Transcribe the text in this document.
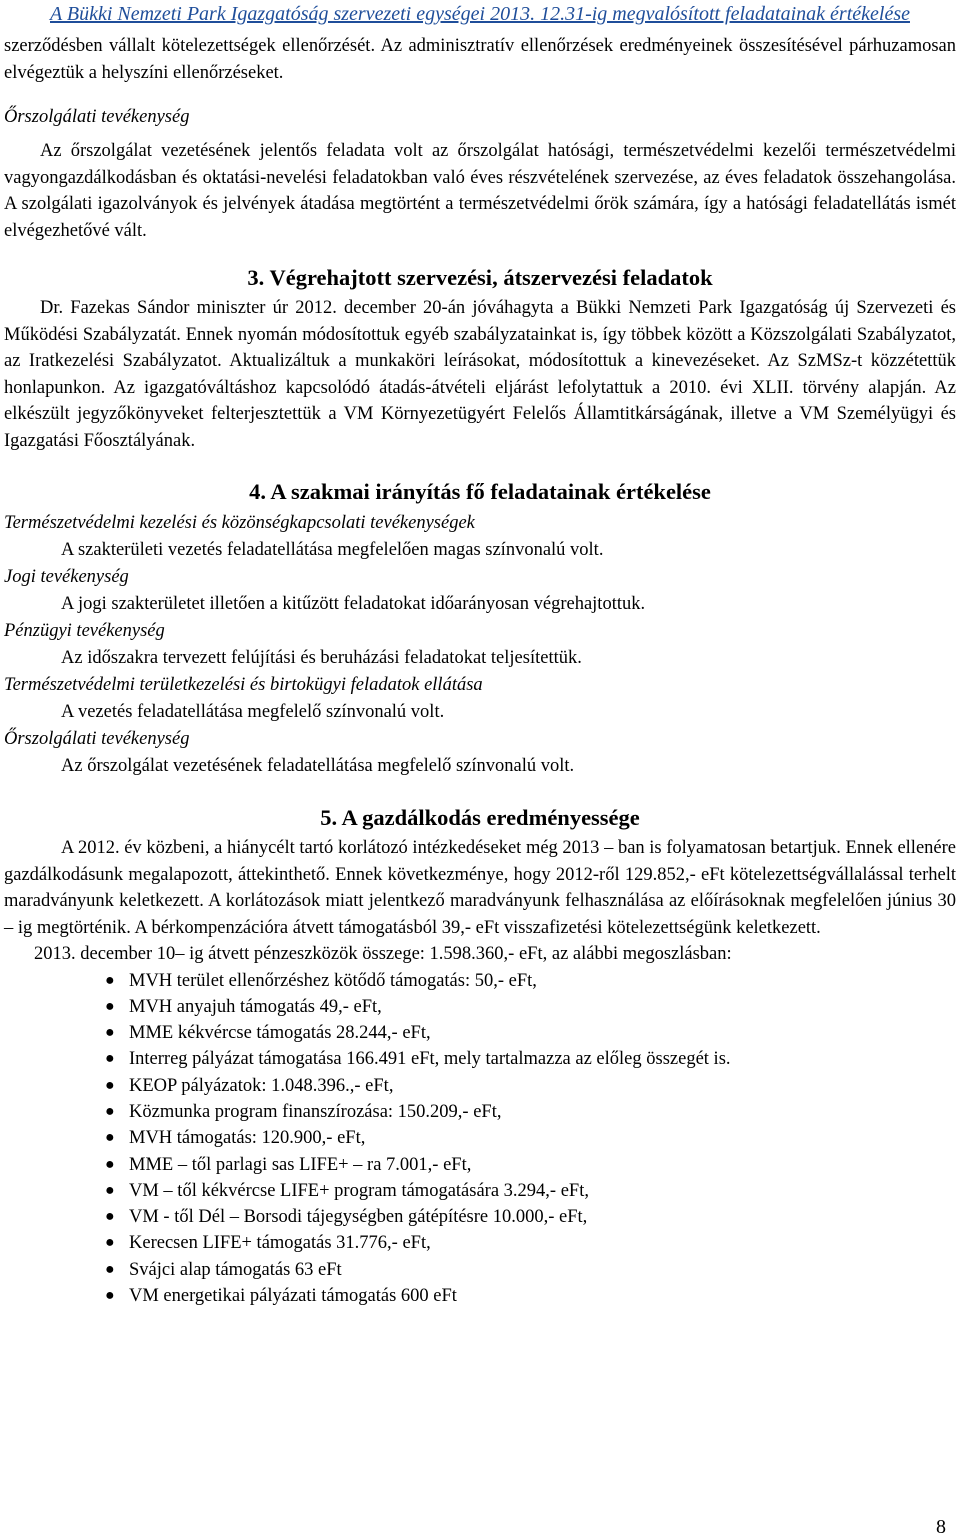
A Bükki Nemzeti Park Igazgatóság szervezeti egységei 2013. 12.31-ig megvalósított feladatainak értékelése

szerződésben vállalt kötelezettségek ellenőrzését. Az adminisztratív ellenőrzések eredményeinek összesítésével párhuzamosan elvégeztük a helyszíni ellenőrzéseket.

Őrszolgálati tevékenység

Az őrszolgálat vezetésének jelentős feladata volt az őrszolgálat hatósági, természetvédelmi kezelői természetvédelmi vagyongazdálkodásban és oktatási-nevelési feladatokban való éves részvételének szervezése, az éves feladatok összehangolása. A szolgálati igazolványok és jelvények átadása megtörtént a természetvédelmi őrök számára, így a hatósági feladatellátás ismét elvégezhetővé vált.

3. Végrehajtott szervezési, átszervezési feladatok

Dr. Fazekas Sándor miniszter úr 2012. december 20-án jóváhagyta a Bükki Nemzeti Park Igazgatóság új Szervezeti és Működési Szabályzatát. Ennek nyomán módosítottuk egyéb szabályzatainkat is, így többek között a Közszolgálati Szabályzatot, az Iratkezelési Szabályzatot. Aktualizáltuk a munkaköri leírásokat, módosítottuk a kinevezéseket. Az SzMSz-t közzétettük honlapunkon. Az igazgatóváltáshoz kapcsolódó átadás-átvételi eljárást lefolytattuk a 2010. évi XLII. törvény alapján. Az elkészült jegyzőkönyveket felterjesztettük a VM Környezetügyért Felelős Államtitkárságának, illetve a VM Személyügyi és Igazgatási Főosztályának.

4. A szakmai irányítás fő feladatainak értékelése

Természetvédelmi kezelési és közönségkapcsolati tevékenységek

A szakterületi vezetés feladatellátása megfelelően magas színvonalú volt.

Jogi tevékenység

A jogi szakterületet illetően a kitűzött feladatokat időarányosan végrehajtottuk.

Pénzügyi tevékenység

Az időszakra tervezett felújítási és beruházási feladatokat teljesítettük.

Természetvédelmi területkezelési és birtokügyi feladatok ellátása

A vezetés feladatellátása megfelelő színvonalú volt.

Őrszolgálati tevékenység

Az őrszolgálat vezetésének feladatellátása megfelelő színvonalú volt.

5. A gazdálkodás eredményessége

A 2012. év közbeni, a hiánycélt tartó korlátozó intézkedéseket még 2013 – ban is folyamatosan betartjuk. Ennek ellenére gazdálkodásunk megalapozott, áttekinthető. Ennek következménye, hogy 2012-ről 129.852,- eFt kötelezettségvállalással terhelt maradványunk keletkezett. A korlátozások miatt jelentkező maradványunk felhasználása az előírásoknak megfelelően június 30 – ig megtörténik. A bérkompenzációra átvett támogatásból 39,- eFt visszafizetési kötelezettségünk keletkezett.

2013. december 10– ig átvett pénzeszközök összege: 1.598.360,- eFt, az alábbi megoszlásban:

● MVH terület ellenőrzéshez kötődő támogatás: 50,- eFt,
● MVH anyajuh támogatás 49,- eFt,
● MME kékvércse támogatás 28.244,- eFt,
● Interreg pályázat támogatása 166.491 eFt, mely tartalmazza az előleg összegét is.
● KEOP pályázatok: 1.048.396.,- eFt,
● Közmunka program finanszírozása: 150.209,- eFt,
● MVH támogatás: 120.900,- eFt,
● MME – től parlagi sas LIFE+ – ra 7.001,- eFt,
● VM – től kékvércse LIFE+ program támogatására 3.294,- eFt,
● VM - től Dél – Borsodi tájegységben gátépítésre 10.000,- eFt,
● Kerecsen LIFE+ támogatás 31.776,- eFt,
● Svájci alap támogatás 63 eFt
● VM energetikai pályázati támogatás 600 eFt
8
